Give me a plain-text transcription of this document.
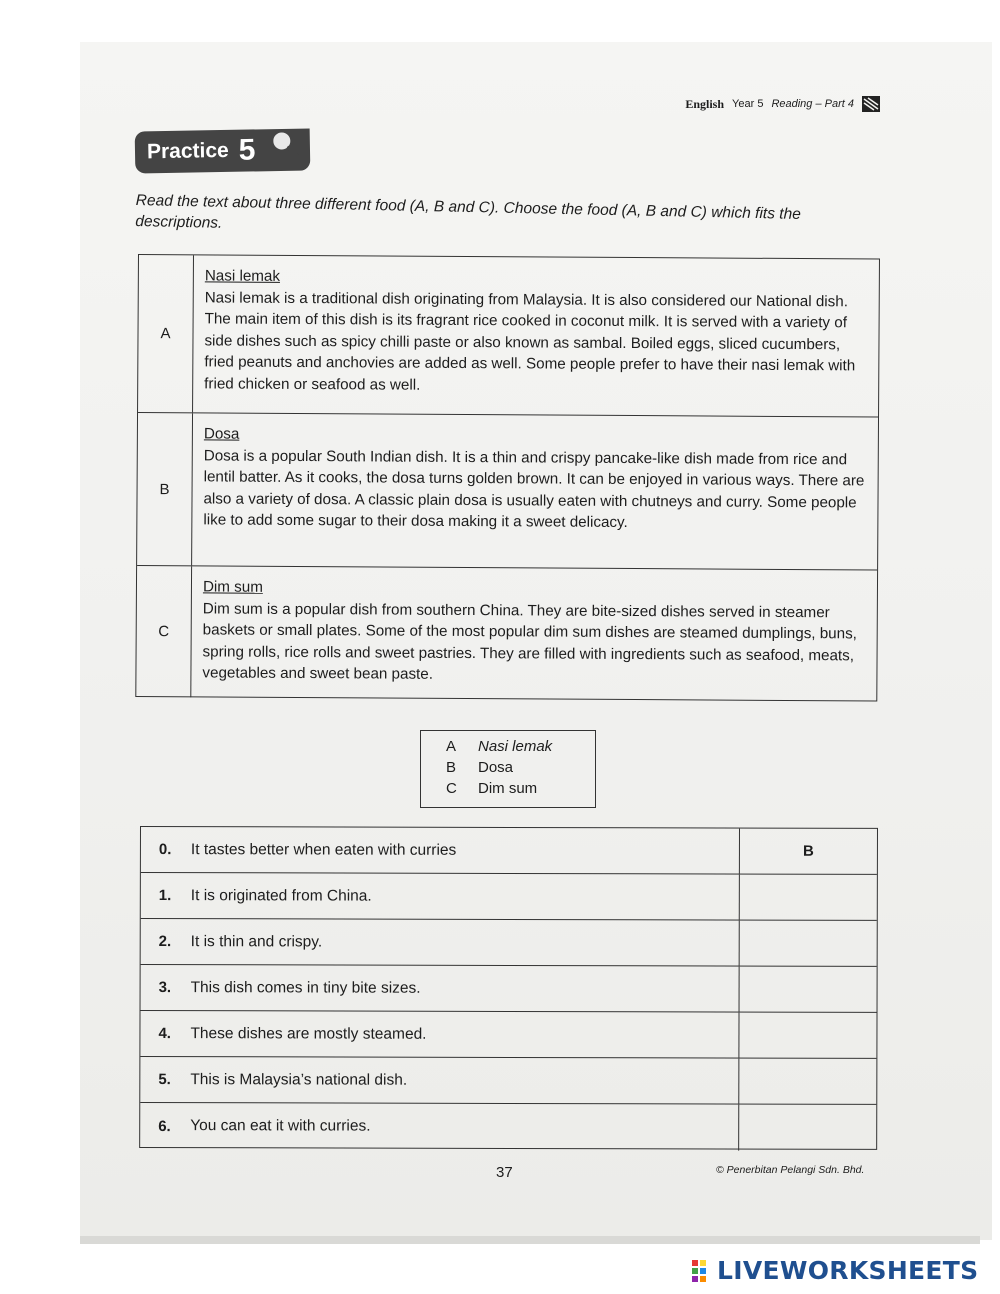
English Year 5 Reading – Part 4
Practice 5
Read the text about three different food (A, B and C). Choose the food (A, B and C) which fits the descriptions.
A
Nasi lemak
Nasi lemak is a traditional dish originating from Malaysia. It is also considered our National dish. The main item of this dish is its fragrant rice cooked in coconut milk. It is served with a variety of side dishes such as spicy chilli paste or also known as sambal. Boiled eggs, sliced cucumbers, fried peanuts and anchovies are added as well. Some people prefer to have their nasi lemak with fried chicken or seafood as well.
B
Dosa
Dosa is a popular South Indian dish. It is a thin and crispy pancake-like dish made from rice and lentil batter. As it cooks, the dosa turns golden brown. It can be enjoyed in various ways. There are also a variety of dosa. A classic plain dosa is usually eaten with chutneys and curry. Some people like to add some sugar to their dosa making it a sweet delicacy.
C
Dim sum
Dim sum is a popular dish from southern China. They are bite-sized dishes served in steamer baskets or small plates. Some of the most popular dim sum dishes are steamed dumplings, buns, spring rolls, rice rolls and sweet pastries. They are filled with ingredients such as seafood, meats, vegetables and sweet bean paste.
A	Nasi lemak
B	Dosa
C	Dim sum
0. It tastes better when eaten with curries	B
1. It is originated from China.
2. It is thin and crispy.
3. This dish comes in tiny bite sizes.
4. These dishes are mostly steamed.
5. This is Malaysia’s national dish.
6. You can eat it with curries.
37	© Penerbitan Pelangi Sdn. Bhd.
LIVEWORKSHEETS
